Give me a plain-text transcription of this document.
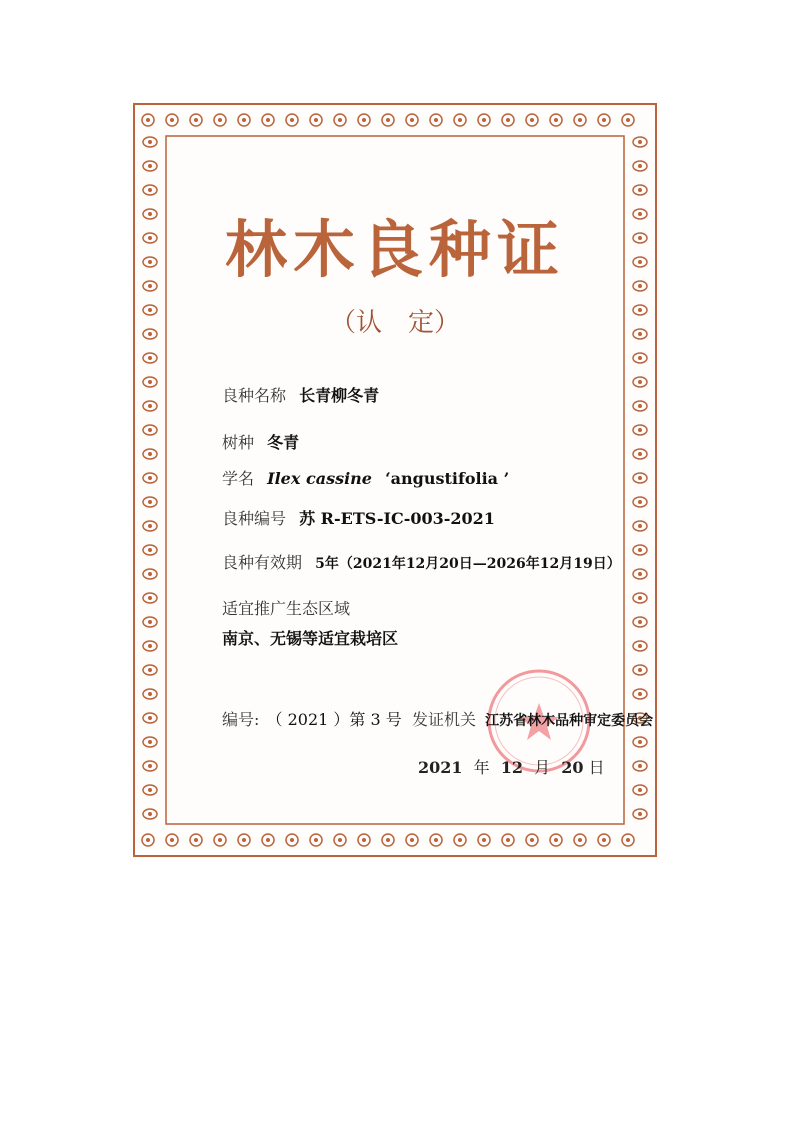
林木良种证
（认　定）
良种名称 长青柳冬青
树种 冬青
学名 Ilex cassine ‘angustifolia ’
良种编号 苏 R-ETS-IC-003-2021
良种有效期 5年（2021年12月20日—2026年12月19日）
适宜推广生态区域
南京、无锡等适宜栽培区
编号: （ 2021 ）第 3 号 发证机关 江苏省林木品种审定委员会
2021 年 12 月 20 日
